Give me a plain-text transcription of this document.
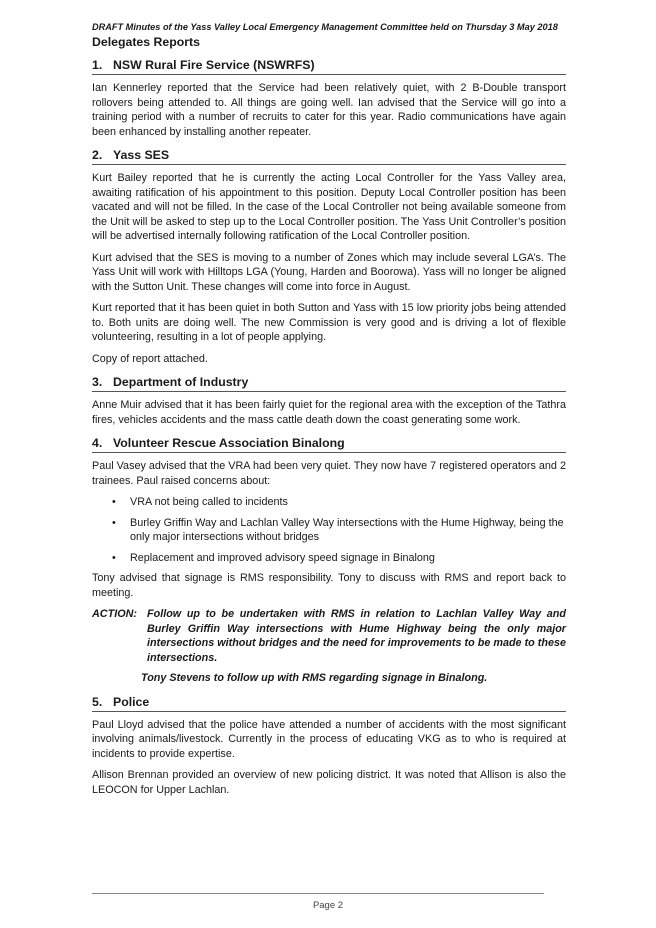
DRAFT Minutes of the Yass Valley Local Emergency Management Committee held on Thursday 3 May 2018
Delegates Reports
1. NSW Rural Fire Service (NSWRFS)

Ian Kennerley reported that the Service had been relatively quiet, with 2 B-Double transport rollovers being attended to. All things are going well. Ian advised that the Service will go into a training period with a number of recruits to cater for this year. Radio communications have again been enhanced by installing another repeater.

2. Yass SES

Kurt Bailey reported that he is currently the acting Local Controller for the Yass Valley area, awaiting ratification of his appointment to this position. Deputy Local Controller position has been vacated and will not be filled. In the case of the Local Controller not being available someone from the Unit will be asked to step up to the Local Controller position. The Yass Unit Controller’s position will be advertised internally following ratification of the Local Controller position.

Kurt advised that the SES is moving to a number of Zones which may include several LGA’s. The Yass Unit will work with Hilltops LGA (Young, Harden and Boorowa). Yass will no longer be aligned with the Sutton Unit. These changes will come into force in August.

Kurt reported that it has been quiet in both Sutton and Yass with 15 low priority jobs being attended to. Both units are doing well. The new Commission is very good and is driving a lot of flexible volunteering, resulting in a lot of people applying.

Copy of report attached.

3. Department of Industry

Anne Muir advised that it has been fairly quiet for the regional area with the exception of the Tathra fires, vehicles accidents and the mass cattle death down the coast generating some work.

4. Volunteer Rescue Association Binalong

Paul Vasey advised that the VRA had been very quiet. They now have 7 registered operators and 2 trainees. Paul raised concerns about:

• VRA not being called to incidents
• Burley Griffin Way and Lachlan Valley Way intersections with the Hume Highway, being the only major intersections without bridges
• Replacement and improved advisory speed signage in Binalong

Tony advised that signage is RMS responsibility. Tony to discuss with RMS and report back to meeting.

ACTION: Follow up to be undertaken with RMS in relation to Lachlan Valley Way and Burley Griffin Way intersections with Hume Highway being the only major intersections without bridges and the need for improvements to be made to these intersections.

Tony Stevens to follow up with RMS regarding signage in Binalong.
5. Police

Paul Lloyd advised that the police have attended a number of accidents with the most significant involving animals/livestock. Currently in the process of educating VKG as to who is required at incidents to provide expertise.

Allison Brennan provided an overview of new policing district. It was noted that Allison is also the LEOCON for Upper Lachlan.

Page 2
